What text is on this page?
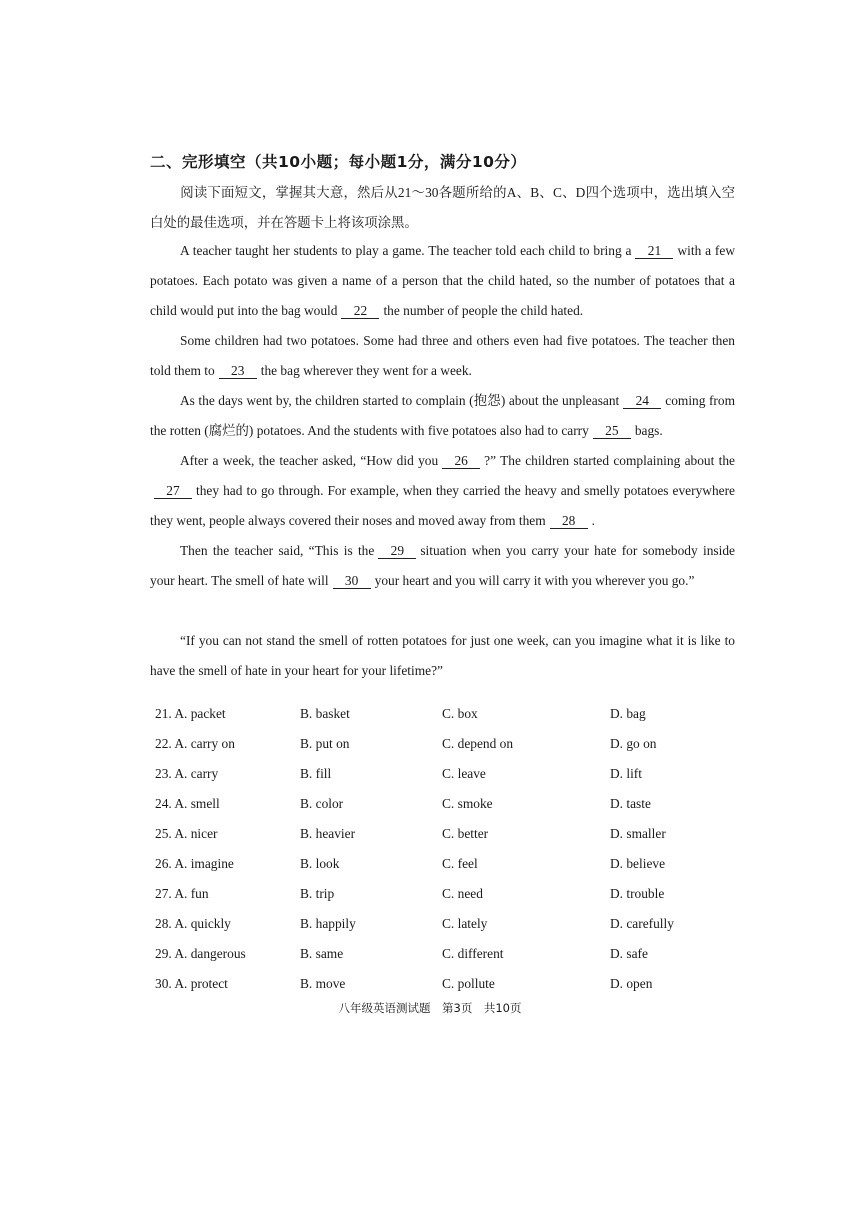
二、完形填空（共10小题；每小题1分，满分10分）

阅读下面短文，掌握其大意，然后从21～30各题所给的A、B、C、D四个选项中，选出填入空白处的最佳选项，并在答题卡上将该项涂黑。

A teacher taught her students to play a game. The teacher told each child to bring a 21 with a few potatoes. Each potato was given a name of a person that the child hated, so the number of potatoes that a child would put into the bag would 22 the number of people the child hated.

Some children had two potatoes. Some had three and others even had five potatoes. The teacher then told them to 23 the bag wherever they went for a week.

As the days went by, the children started to complain (抱怨) about the unpleasant 24 coming from the rotten (腐烂的) potatoes. And the students with five potatoes also had to carry 25 bags.

After a week, the teacher asked, “How did you 26 ?” The children started complaining about the27 they had to go through. For example, when they carried the heavy and smelly potatoes everywhere they went, people always covered their noses and moved away from them 28 .

Then the teacher said, “This is the 29 situation when you carry your hate for somebody inside your heart. The smell of hate will 30 your heart and you will carry it with you wherever you go.”

“If you can not stand the smell of rotten potatoes for just one week, can you imagine what it is like to have the smell of hate in your heart for your lifetime?”

21. A. packet	B. basket	C. box	D. bag
22. A. carry on	B. put on	C. depend on	D. go on
23. A. carry	B. fill	C. leave	D. lift
24. A. smell	B. color	C. smoke	D. taste
25. A. nicer	B. heavier	C. better	D. smaller
26. A. imagine	B. look	C. feel	D. believe
27. A. fun	B. trip	C. need	D. trouble
28. A. quickly	B. happily	C. lately	D. carefully
29. A. dangerous	B. same	C. different	D. safe
30. A. protect	B. move	C. pollute	D. open
八年级英语测试题　第3页　共10页
